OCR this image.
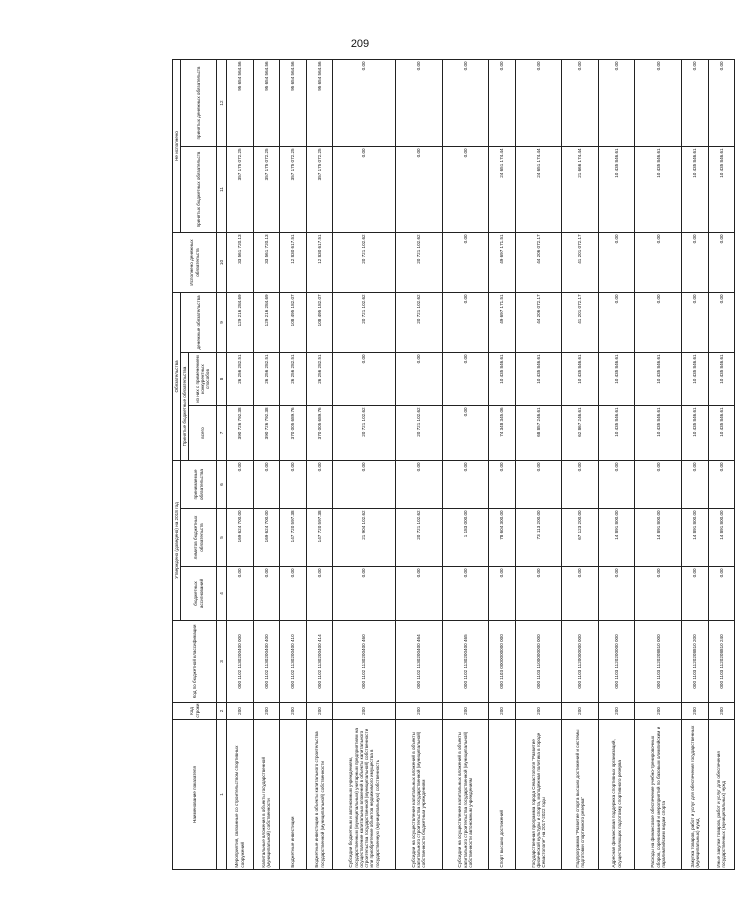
209
Наименование показателя	Код строки	Код по бюджетной классификации	Утверждено (доведено) на 2018 год			Обязательства			Исполнено денежных обязательств	Не исполнено	
			бюджетных ассигнований	лимитов бюджетных обязательств	принимаемые обязательства	Принятые бюджетные обязательства		денежные обязательства		принятых бюджетных обязательств	принятых денежных обязательств
						всего	из них с применением конкурентных способов				
1	2	3	4	5	6	7	8	9	10	11	12
Мероприятия, связанные со строительством спортивных сооружений	200	000 1102 1130200400 000	0.00	169 624 700.00	0.00	390 726 792.38	26 256 282.51	129 216 284.69	33 561 720.13	357 175 072.25	95 654 564.56
Капитальные вложения в объекты государственной (муниципальной) собственности	200	000 1102 1130200400 400	0.00	169 624 700.00	0.00	390 726 792.38	26 256 282.51	129 216 284.69	33 561 720.13	357 175 072.25	95 654 564.56
Бюджетные инвестиции	200	000 1102 1130200400 410	0.00	147 720 597.38	0.00	370 005 689.76	26 256 282.51	108 495 182.07	12 830 617.51	357 175 072.25	95 654 564.56
Бюджетные инвестиции в объекты капитального строительства государственной (муниципальной) собственности	200	000 1102 1130200400 414	0.00	147 720 597.38	0.00	370 005 689.76	26 256 282.51	108 495 182.07	12 830 617.51	357 175 072.25	95 654 564.56
Субсидии бюджетным и автономным учреждениям, государственным (муниципальным) унитарным предприятиям на осуществление капитальных вложений в объекты капитального строительства государственной (муниципальной) собственности или приобретение объектов недвижимого имущества в государственную (муниципальную) собственность	200	000 1102 1130200400 460	0.00	21 904 102.62	0.00	20 721 102.62	0.00	20 721 102.62	20 721 102.62	0.00	0.00
Субсидии на осуществление капитальных вложений в объекты капитального строительства государственной (муниципальной) собственности бюджетным учреждениям	200	000 1102 1130200400 464	0.00	20 721 102.62	0.00	20 721 102.62	0.00	20 721 102.62	20 721 102.62	0.00	0.00
Субсидии на осуществление капитальных вложений в объекты капитального строительства государственной (муниципальной) собственности автономным учреждениям	200	000 1102 1130200400 465	0.00	1 183 000.00	0.00	0.00	0.00	0.00	0.00	0.00	0.00
Спорт высших достижений	200	000 1103 0000000000 000	0.00	78 604 300.00	0.00	74 348 345.06	10 435 846.61	49 697 171.51	49 697 171.51	24 651 174.44	0.00
Государственная программа города Севастополя "Развитие физической культуры и спорта, молодежная политика в городе Севастополе" на 2017-2022 годы	200	000 1103 1100000000 000	0.00	73 113 200.00	0.00	68 857 246.61	10 435 846.61	44 206 072.17	44 206 072.17	24 651 174.44	0.00
Подпрограмма "Развитие спорта высших достижений и системы подготовки спортивного резерва"	200	000 1103 1120000000 000	0.00	67 123 200.00	0.00	62 867 246.61	10 435 846.61	41 201 072.17	41 201 072.17	21 666 174.44	0.00
Адресная финансовая поддержка спортивных организаций, осуществляющих подготовку спортивного резерва	200	000 1103 1120200000 000	0.00	14 891 800.00	0.00	10 435 846.61	10 435 846.61	0.00	0.00	10 435 846.61	0.00
Расходы на финансовое обеспечение учебно-тренировочных сборов, соревнований и мероприятий по базовым олимпийским и паралимпийским видам спорта	200	000 1103 1120208810 000	0.00	14 891 800.00	0.00	10 435 846.61	10 435 846.61	0.00	0.00	10 435 846.61	0.00
Закупка товаров, работ и услуг для обеспечения государственных (муниципальных) нужд	200	000 1103 1120208810 200	0.00	14 891 800.00	0.00	10 435 846.61	10 435 846.61	0.00	0.00	10 435 846.61	0.00
Иные закупки товаров, работ и услуг для обеспечения государственных (муниципальных) нужд	200	000 1103 1120208810 240	0.00	14 891 800.00	0.00	10 435 846.61	10 435 846.61	0.00	0.00	10 435 846.61	0.00
